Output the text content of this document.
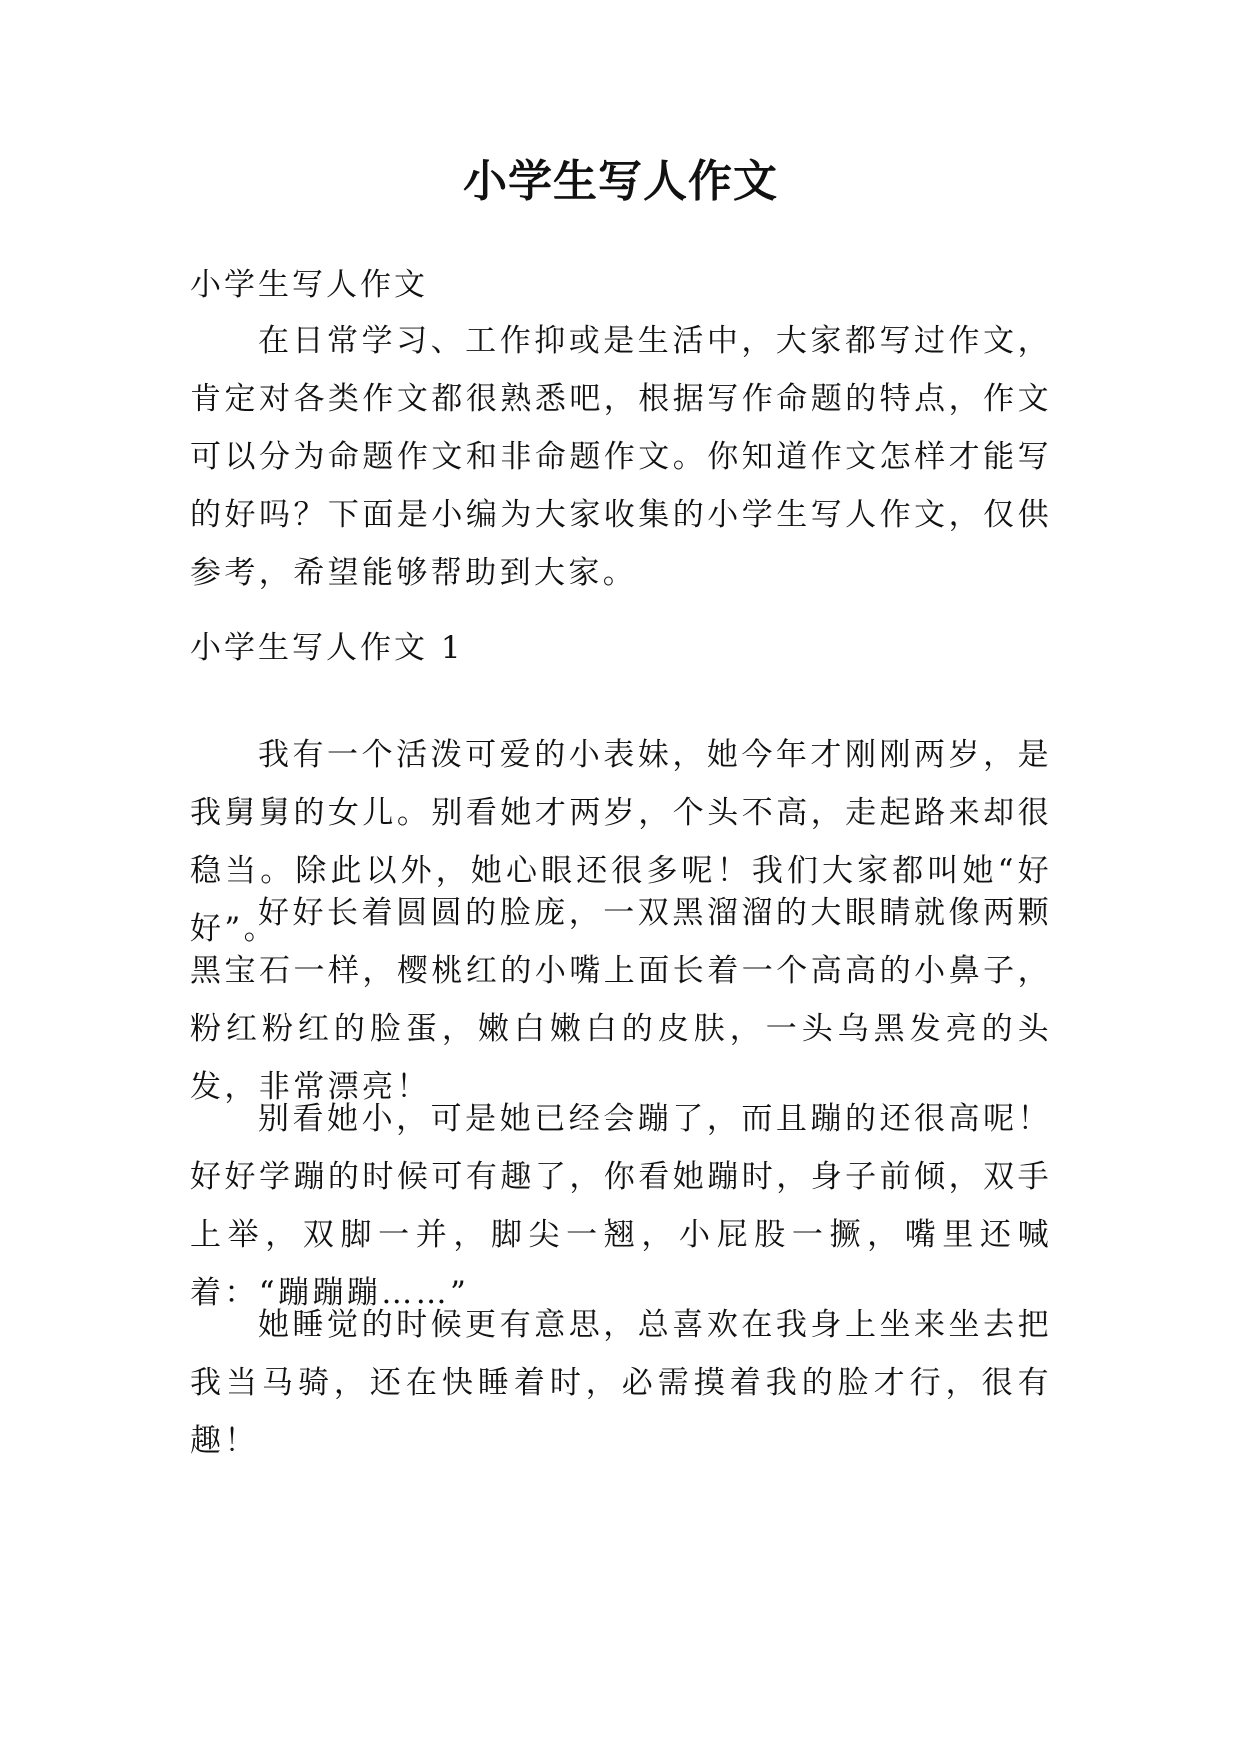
小学生写人作文
小学生写人作文

在日常学习、工作抑或是生活中，大家都写过作文，肯定对各类作文都很熟悉吧，根据写作命题的特点，作文可以分为命题作文和非命题作文。你知道作文怎样才能写的好吗？下面是小编为大家收集的小学生写人作文，仅供参考，希望能够帮助到大家。

小学生写人作文 1

我有一个活泼可爱的小表妹，她今年才刚刚两岁，是我舅舅的女儿。别看她才两岁，个头不高，走起路来却很稳当。除此以外，她心眼还很多呢！我们大家都叫她“好好”。

好好长着圆圆的脸庞，一双黑溜溜的大眼睛就像两颗黑宝石一样，樱桃红的小嘴上面长着一个高高的小鼻子，粉红粉红的脸蛋，嫩白嫩白的皮肤，一头乌黑发亮的头发，非常漂亮！

别看她小，可是她已经会蹦了，而且蹦的还很高呢！好好学蹦的时候可有趣了，你看她蹦时，身子前倾，双手上举，双脚一并，脚尖一翘，小屁股一撅，嘴里还喊着：“蹦蹦蹦……”

她睡觉的时候更有意思，总喜欢在我身上坐来坐去把我当马骑，还在快睡着时，必需摸着我的脸才行，很有趣！
